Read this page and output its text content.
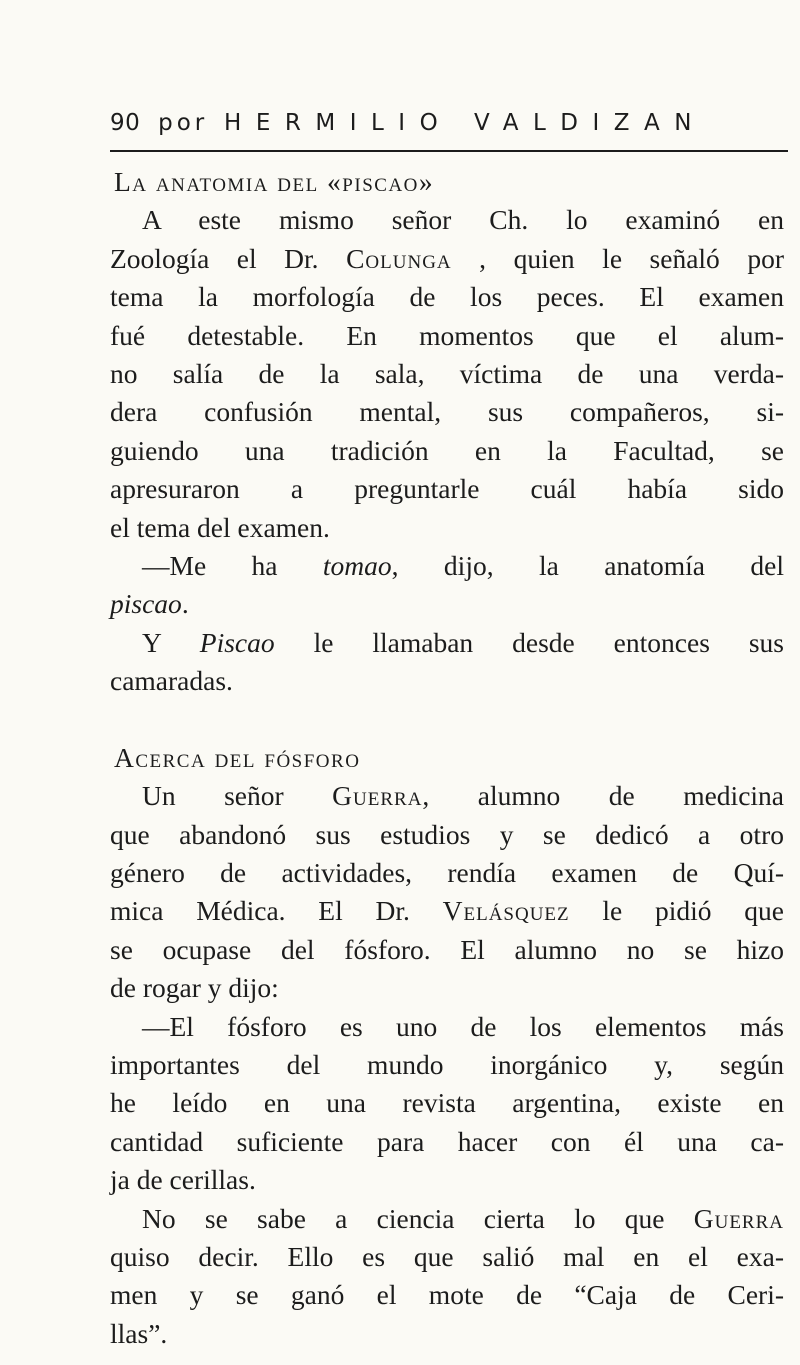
90 por HERMILIO VALDIZAN
La anatomia del «piscao»
A este mismo señor Ch. lo examinó en
Zoología el Dr. Colunga , quien le señaló por
tema la morfología de los peces. El examen
fué detestable. En momentos que el alum-
no salía de la sala, víctima de una verda-
dera confusión mental, sus compañeros, si-
guiendo una tradición en la Facultad, se
apresuraron a preguntarle cuál había sido
el tema del examen.
—Me ha tomao, dijo, la anatomía del
piscao.
Y Piscao le llamaban desde entonces sus
camaradas.
Acerca del fósforo
Un señor Guerra, alumno de medicina
que abandonó sus estudios y se dedicó a otro
género de actividades, rendía examen de Quí-
mica Médica. El Dr. Velásquez le pidió que
se ocupase del fósforo. El alumno no se hizo
de rogar y dijo:
—El fósforo es uno de los elementos más
importantes del mundo inorgánico y, según
he leído en una revista argentina, existe en
cantidad suficiente para hacer con él una ca-
ja de cerillas.
No se sabe a ciencia cierta lo que Guerra
quiso decir. Ello es que salió mal en el exa-
men y se ganó el mote de “Caja de Ceri-
llas”.
